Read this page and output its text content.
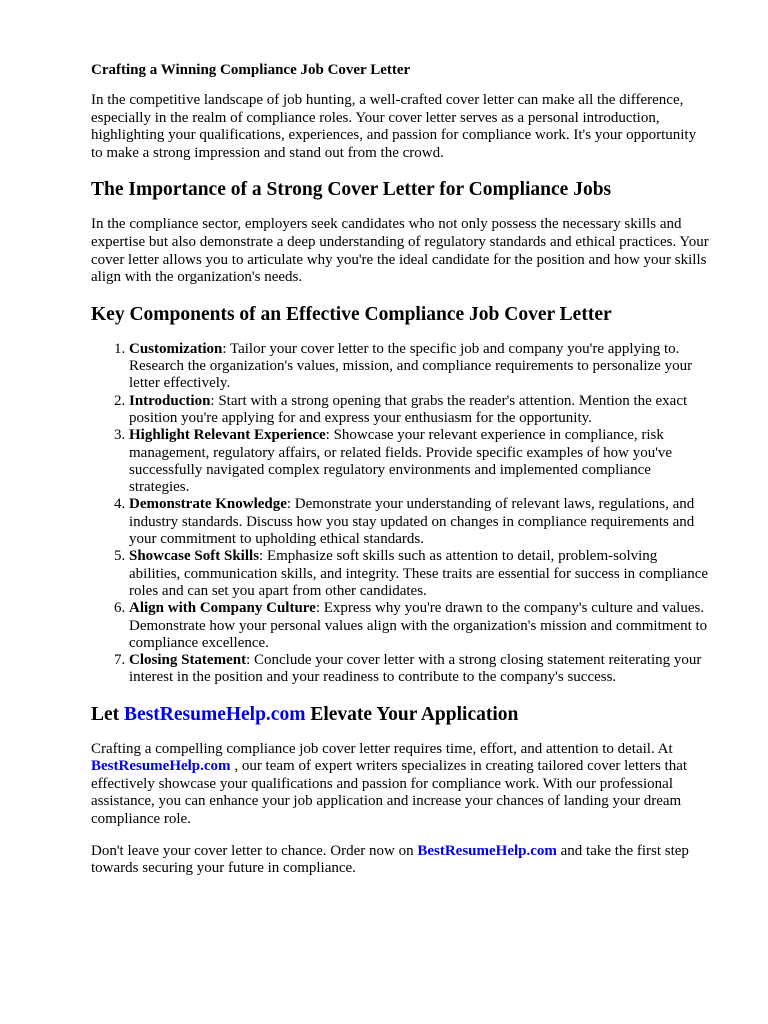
Crafting a Winning Compliance Job Cover Letter

In the competitive landscape of job hunting, a well-crafted cover letter can make all the difference, especially in the realm of compliance roles. Your cover letter serves as a personal introduction, highlighting your qualifications, experiences, and passion for compliance work. It's your opportunity to make a strong impression and stand out from the crowd.

The Importance of a Strong Cover Letter for Compliance Jobs

In the compliance sector, employers seek candidates who not only possess the necessary skills and expertise but also demonstrate a deep understanding of regulatory standards and ethical practices. Your cover letter allows you to articulate why you're the ideal candidate for the position and how your skills align with the organization's needs.

Key Components of an Effective Compliance Job Cover Letter
1. Customization: Tailor your cover letter to the specific job and company you're applying to. Research the organization's values, mission, and compliance requirements to personalize your letter effectively.
2. Introduction: Start with a strong opening that grabs the reader's attention. Mention the exact position you're applying for and express your enthusiasm for the opportunity.
3. Highlight Relevant Experience: Showcase your relevant experience in compliance, risk management, regulatory affairs, or related fields. Provide specific examples of how you've successfully navigated complex regulatory environments and implemented compliance strategies.
4. Demonstrate Knowledge: Demonstrate your understanding of relevant laws, regulations, and industry standards. Discuss how you stay updated on changes in compliance requirements and your commitment to upholding ethical standards.
5. Showcase Soft Skills: Emphasize soft skills such as attention to detail, problem-solving abilities, communication skills, and integrity. These traits are essential for success in compliance roles and can set you apart from other candidates.
6. Align with Company Culture: Express why you're drawn to the company's culture and values. Demonstrate how your personal values align with the organization's mission and commitment to compliance excellence.
7. Closing Statement: Conclude your cover letter with a strong closing statement reiterating your interest in the position and your readiness to contribute to the company's success.
Let BestResumeHelp.com Elevate Your Application

Crafting a compelling compliance job cover letter requires time, effort, and attention to detail. At BestResumeHelp.com , our team of expert writers specializes in creating tailored cover letters that effectively showcase your qualifications and passion for compliance work. With our professional assistance, you can enhance your job application and increase your chances of landing your dream compliance role.

Don't leave your cover letter to chance. Order now on BestResumeHelp.com and take the first step towards securing your future in compliance.
